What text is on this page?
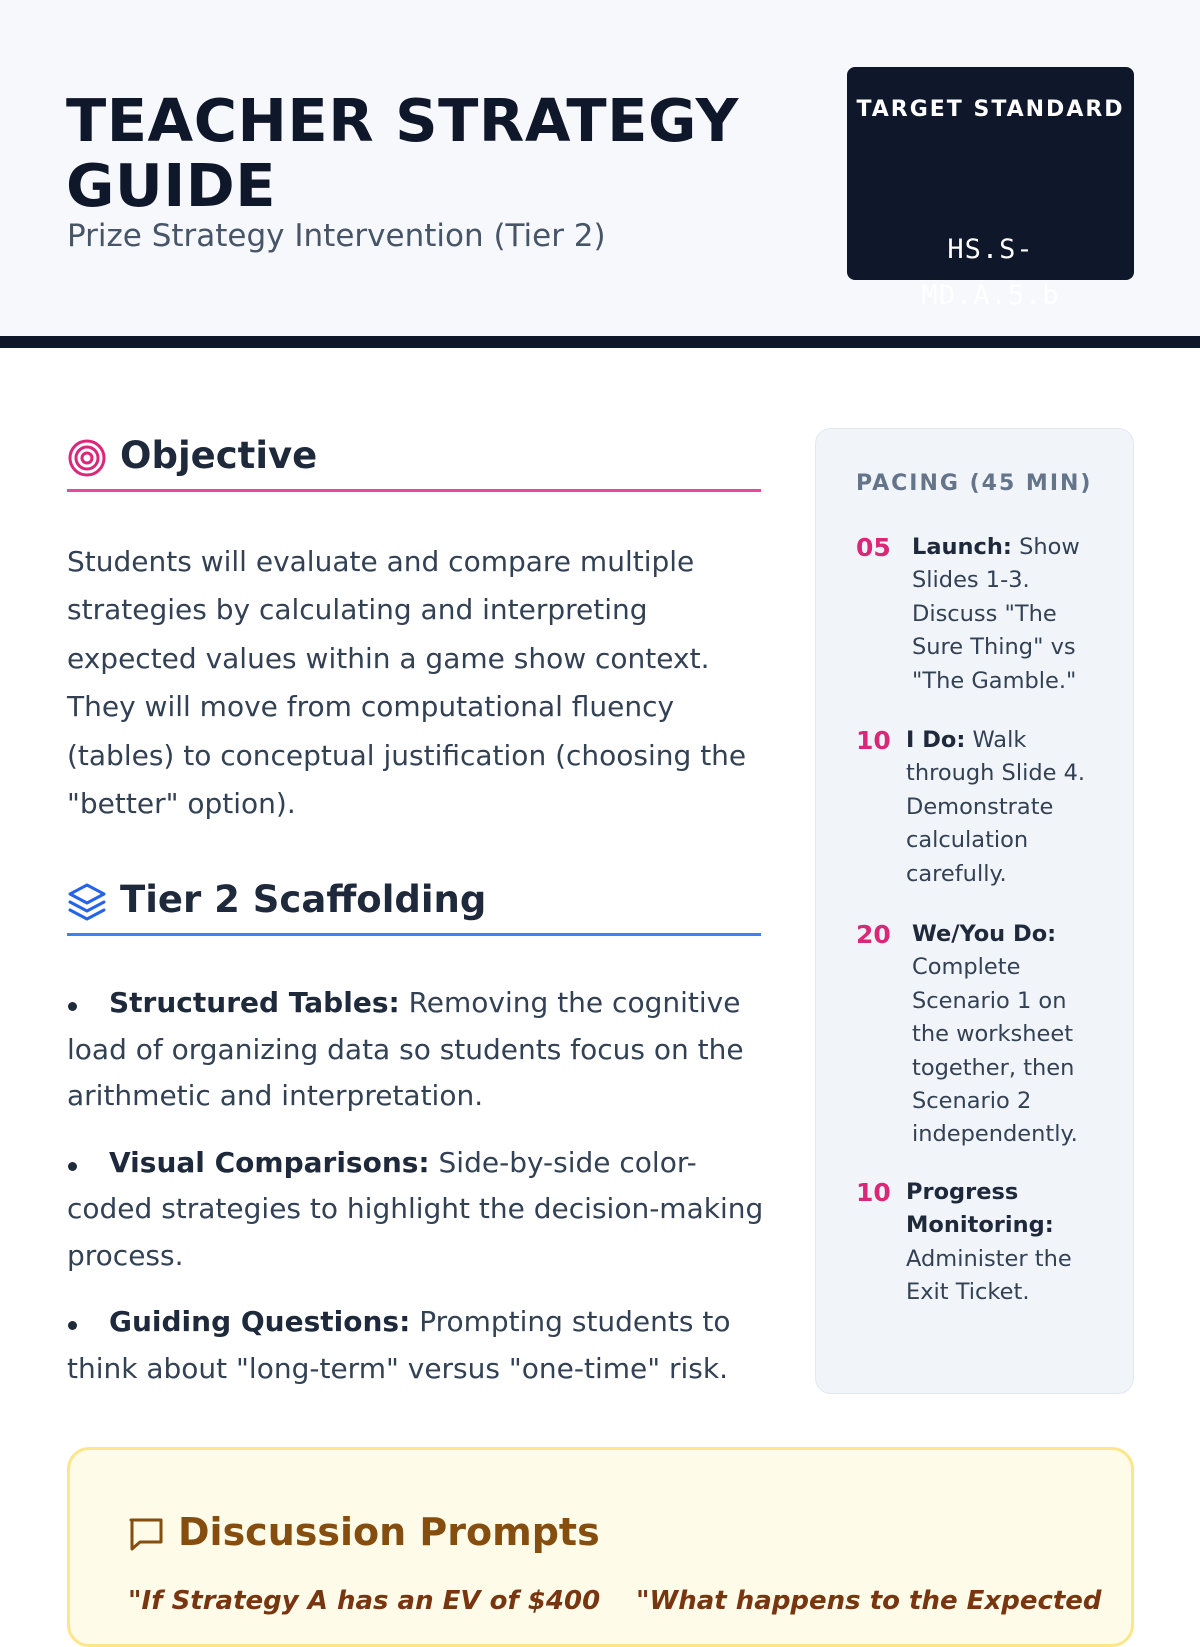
TEACHER STRATEGY GUIDE
Prize Strategy Intervention (Tier 2)
TARGET STANDARD
HS.S-MD.A.5.b
Objective

Students will evaluate and compare multiple strategies by calculating and interpreting expected values within a game show context. They will move from computational fluency (tables) to conceptual justification (choosing the "better" option).

Tier 2 Scaffolding
Structured Tables: Removing the cognitive load of organizing data so students focus on the arithmetic and interpretation.
Visual Comparisons: Side-by-side color-coded strategies to highlight the decision-making process.
Guiding Questions: Prompting students to think about "long-term" versus "one-time" risk.
PACING (45 MIN)
05 Launch: Show Slides 1-3. Discuss "The Sure Thing" vs "The Gamble."
10 I Do: Walk through Slide 4. Demonstrate calculation carefully.
20 We/You Do: Complete Scenario 1 on the worksheet together, then Scenario 2 independently.
10 Progress Monitoring: Administer the Exit Ticket.
Discussion Prompts
"If Strategy A has an EV of $400 "What happens to the Expected
